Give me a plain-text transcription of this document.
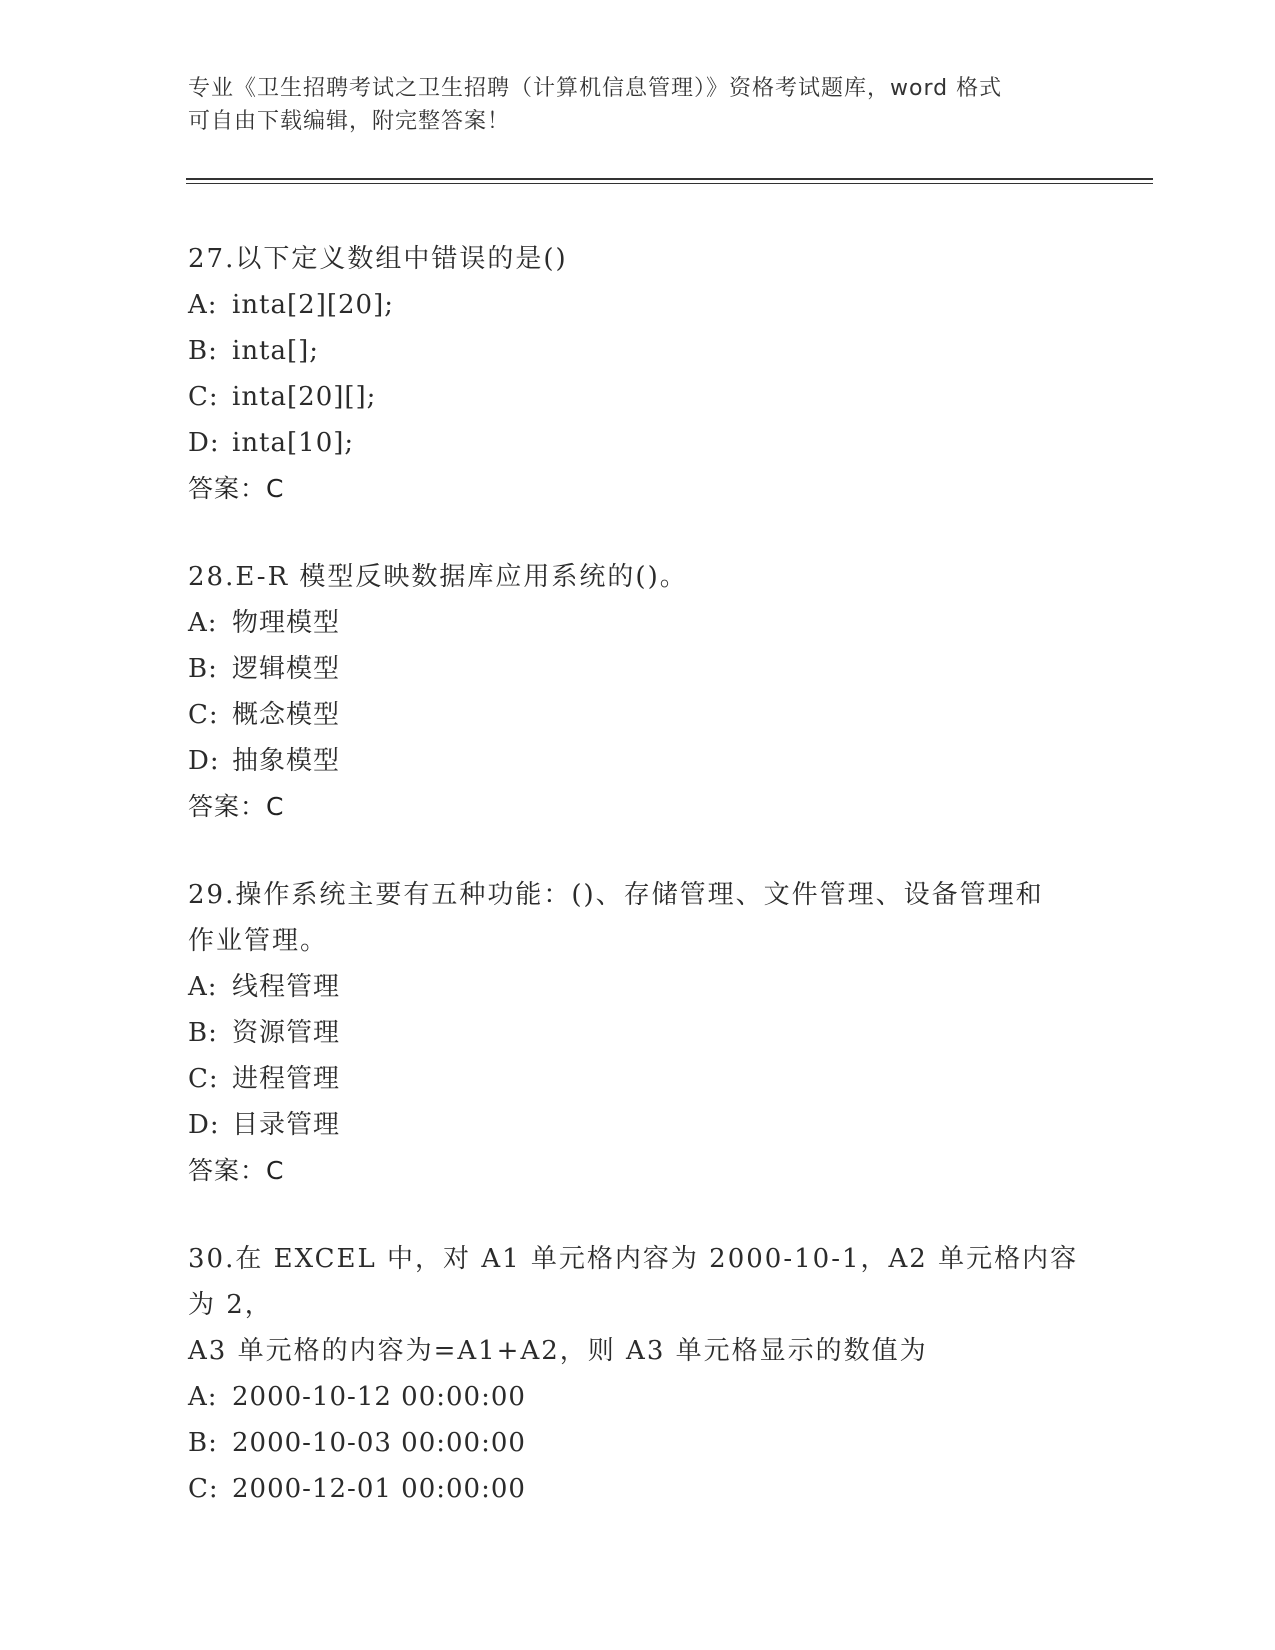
专业《卫生招聘考试之卫生招聘（计算机信息管理）》资格考试题库，word 格式
可自由下载编辑，附完整答案！
27.以下定义数组中错误的是()
A: inta[2][20];
B: inta[];
C: inta[20][];
D: inta[10];
答案：C
28.E-R 模型反映数据库应用系统的()。
A: 物理模型
B: 逻辑模型
C: 概念模型
D: 抽象模型
答案：C
29.操作系统主要有五种功能：()、存储管理、文件管理、设备管理和
作业管理。
A: 线程管理
B: 资源管理
C: 进程管理
D: 目录管理
答案：C
30.在 EXCEL 中，对 A1 单元格内容为 2000-10-1，A2 单元格内容为 2，
A3 单元格的内容为=A1+A2，则 A3 单元格显示的数值为
A: 2000-10-12 00:00:00
B: 2000-10-03 00:00:00
C: 2000-12-01 00:00:00
